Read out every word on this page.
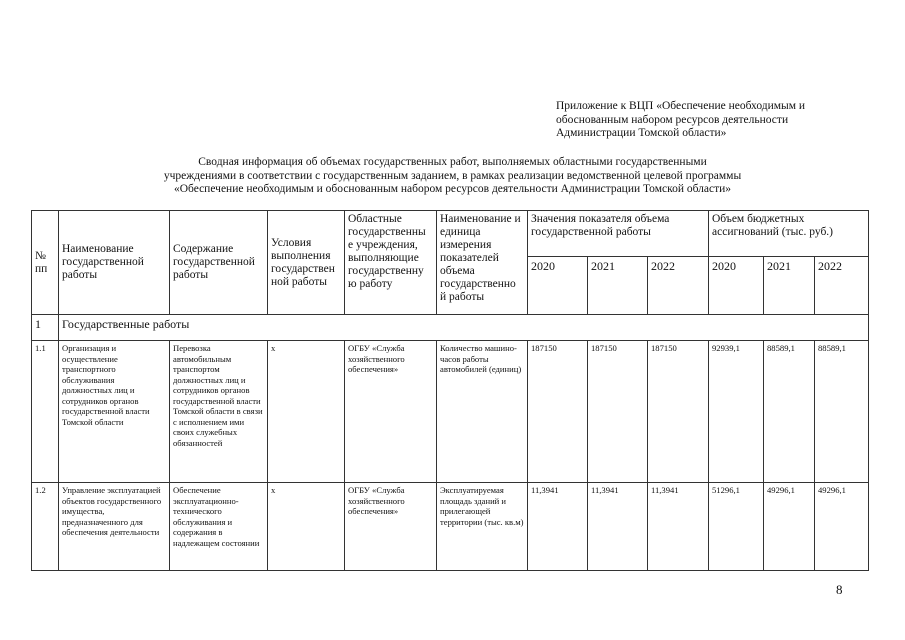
Приложение к ВЦП «Обеспечение необходимым и обоснованным набором ресурсов деятельности Администрации Томской области»
Сводная информация об объемах государственных работ, выполняемых областными государственными
учреждениями в соответствии с государственным заданием, в рамках реализации ведомственной целевой программы
«Обеспечение необходимым и обоснованным набором ресурсов деятельности Администрации Томской области»
№ пп	Наименование государственной работы	Содержание государственной работы	Условия выполнения государствен ной работы	Областные государственны е учреждения, выполняющие государственну ю работу	Наименование и единица измерения показателей объема государственно й работы	Значения показателя объема государственной работы			Объем бюджетных ассигнований (тыс. руб.)		
						2020	2021	2022	2020	2021	2022
1	Государственные работы										
1.1	Организация и осуществление транспортного обслуживания должностных лиц и сотрудников органов государственной власти Томской области	Перевозка автомобильным транспортом должностных лиц и сотрудников органов государственной власти Томской области в связи с исполнением ими своих служебных обязанностей	х	ОГБУ «Служба хозяйственного обеспечения»	Количество машино-часов работы автомобилей (единиц)	187150	187150	187150	92939,1	88589,1	88589,1
1.2	Управление эксплуатацией объектов государственного имущества, предназначенного для обеспечения деятельности	Обеспечение эксплуатационно-технического обслуживания и содержания в надлежащем состоянии	х	ОГБУ «Служба хозяйственного обеспечения»	Эксплуатируемая площадь зданий и прилегающей территории (тыс. кв.м)	11,3941	11,3941	11,3941	51296,1	49296,1	49296,1
8
